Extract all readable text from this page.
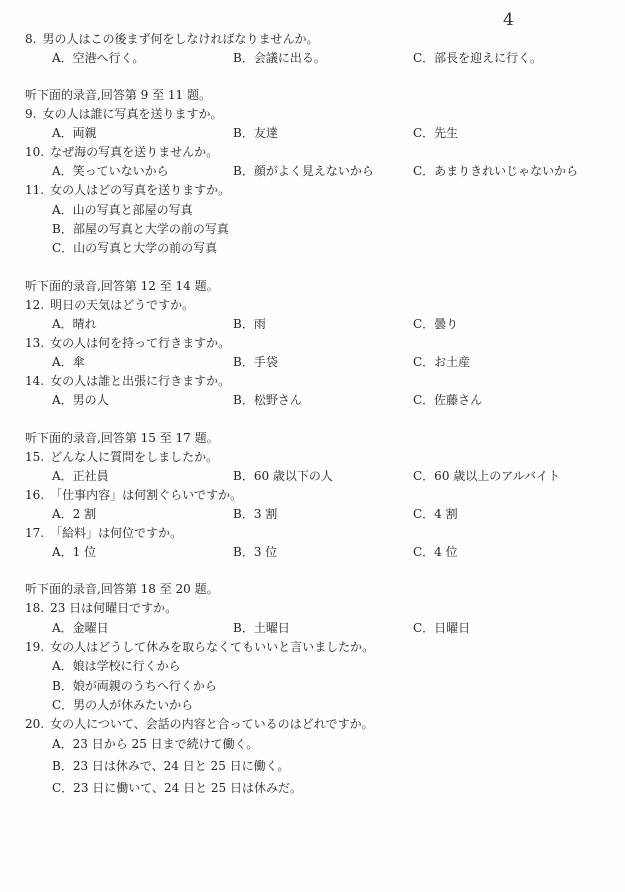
4
8. 男の人はこの後まず何をしなければなりませんか。
A．空港へ行く。	B．会議に出る。	C．部長を迎えに行く。
听下面的录音,回答第 9 至 11 题。
9. 女の人は誰に写真を送りますか。
A．両親	B．友達	C．先生
10. なぜ海の写真を送りませんか。
A．笑っていないから	B．顔がよく見えないから	C．あまりきれいじゃないから
11. 女の人はどの写真を送りますか。
A．山の写真と部屋の写真
B．部屋の写真と大学の前の写真
C．山の写真と大学の前の写真
听下面的录音,回答第 12 至 14 题。
12. 明日の天気はどうですか。
A．晴れ	B．雨	C．曇り
13. 女の人は何を持って行きますか。
A．傘	B．手袋	C．お土産
14. 女の人は誰と出張に行きますか。
A．男の人	B．松野さん	C．佐藤さん
听下面的录音,回答第 15 至 17 题。
15. どんな人に質問をしましたか。
A．正社員	B．60 歳以下の人	C．60 歳以上のアルバイト
16. 「仕事内容」は何割ぐらいですか。
A．2 割	B．3 割	C．4 割
17. 「給料」は何位ですか。
A．1 位	B．3 位	C．4 位
听下面的录音,回答第 18 至 20 题。
18. 23 日は何曜日ですか。
A．金曜日	B．土曜日	C．日曜日
19. 女の人はどうして休みを取らなくてもいいと言いましたか。
A．娘は学校に行くから
B．娘が両親のうちへ行くから
C．男の人が休みたいから
20. 女の人について、会話の内容と合っているのはどれですか。
A．23 日から 25 日まで続けて働く。
B．23 日は休みで、24 日と 25 日に働く。
C．23 日に働いて、24 日と 25 日は休みだ。
